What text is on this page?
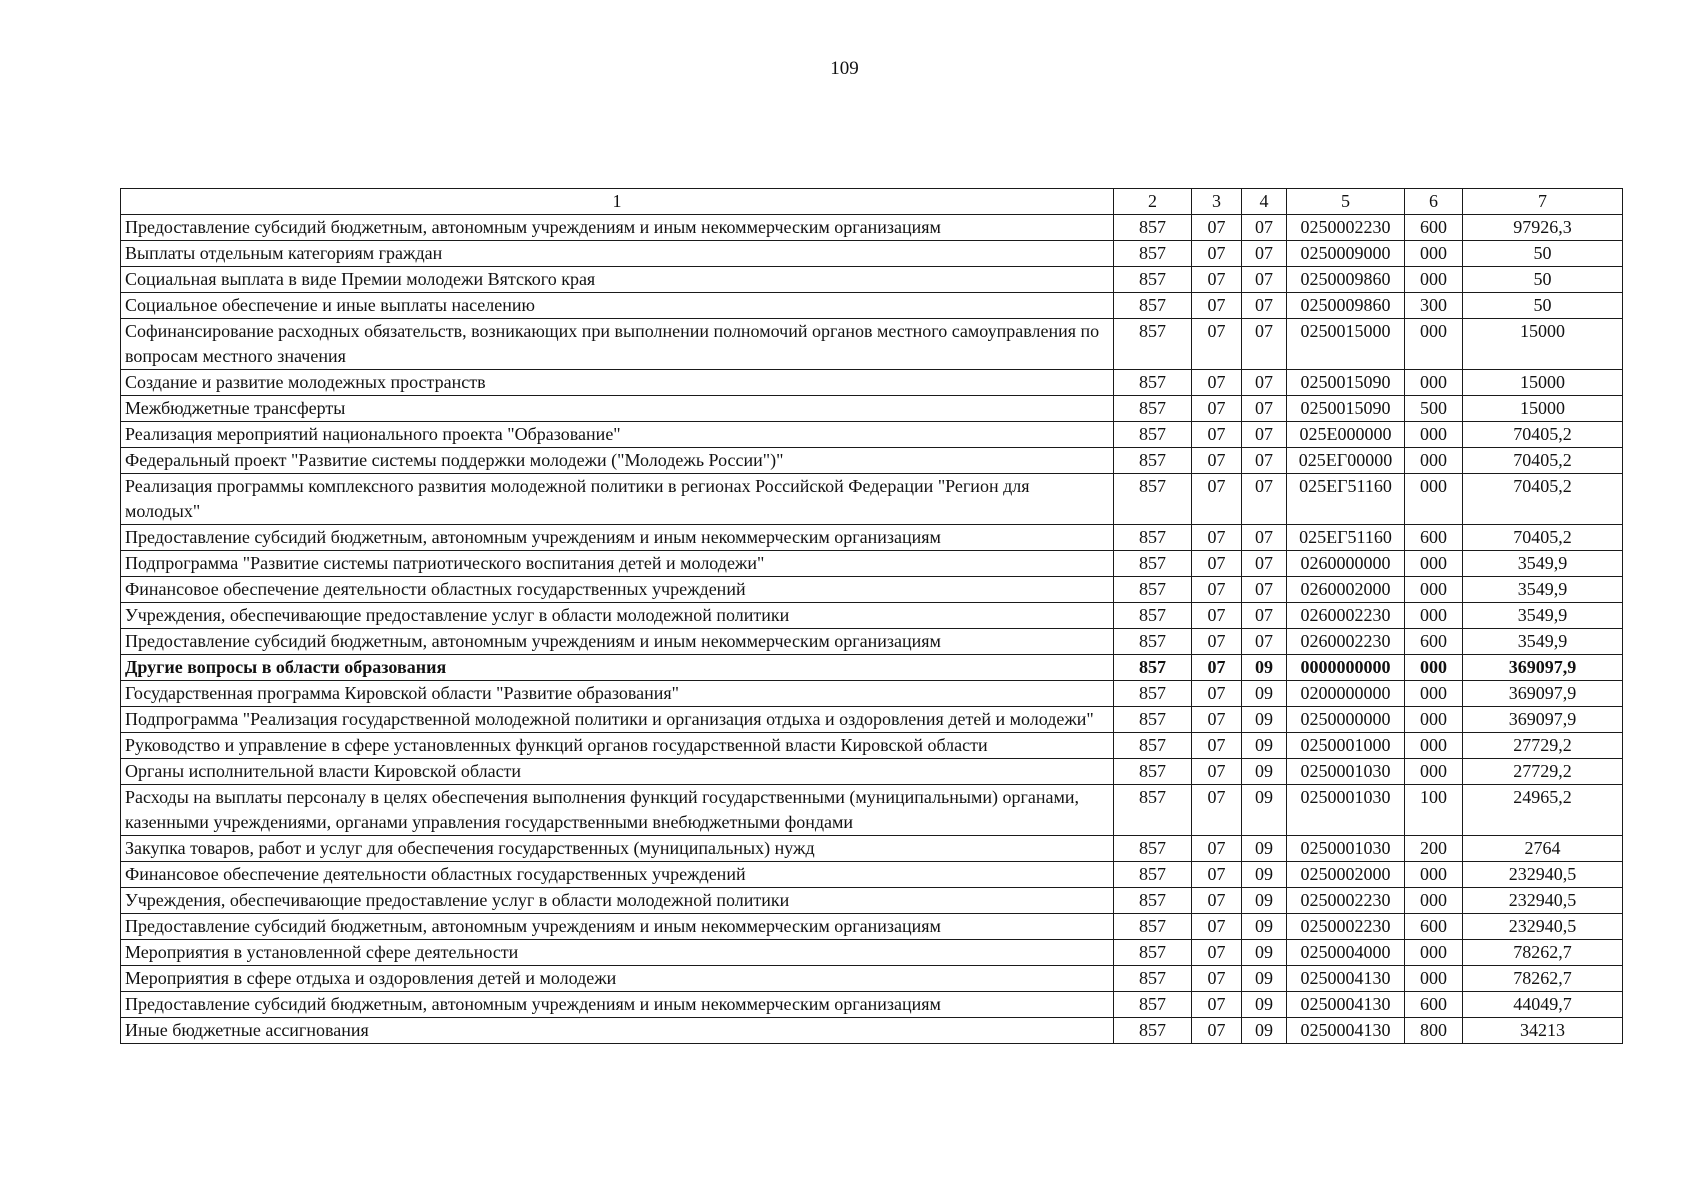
109
1	2	3	4	5	6	7
Предоставление субсидий бюджетным, автономным учреждениям и иным некоммерческим организациям	857	07	07	0250002230	600	97926,3
Выплаты отдельным категориям граждан	857	07	07	0250009000	000	50
Социальная выплата в виде Премии молодежи Вятского края	857	07	07	0250009860	000	50
Социальное обеспечение и иные выплаты населению	857	07	07	0250009860	300	50
Софинансирование расходных обязательств, возникающих при выполнении полномочий органов местного самоуправления по вопросам местного значения	857	07	07	0250015000	000	15000
Создание и развитие молодежных пространств	857	07	07	0250015090	000	15000
Межбюджетные трансферты	857	07	07	0250015090	500	15000
Реализация мероприятий национального проекта "Образование"	857	07	07	025Е000000	000	70405,2
Федеральный проект "Развитие системы поддержки молодежи ("Молодежь России")"	857	07	07	025ЕГ00000	000	70405,2
Реализация программы комплексного развития молодежной политики в регионах Российской Федерации "Регион для молодых"	857	07	07	025ЕГ51160	000	70405,2
Предоставление субсидий бюджетным, автономным учреждениям и иным некоммерческим организациям	857	07	07	025ЕГ51160	600	70405,2
Подпрограмма "Развитие системы патриотического воспитания детей и молодежи"	857	07	07	0260000000	000	3549,9
Финансовое обеспечение деятельности областных государственных учреждений	857	07	07	0260002000	000	3549,9
Учреждения, обеспечивающие предоставление услуг в области молодежной политики	857	07	07	0260002230	000	3549,9
Предоставление субсидий бюджетным, автономным учреждениям и иным некоммерческим организациям	857	07	07	0260002230	600	3549,9
Другие вопросы в области образования	857	07	09	0000000000	000	369097,9
Государственная программа Кировской области "Развитие образования"	857	07	09	0200000000	000	369097,9
Подпрограмма "Реализация государственной молодежной политики и организация отдыха и оздоровления детей и молодежи"	857	07	09	0250000000	000	369097,9
Руководство и управление в сфере установленных функций органов государственной власти Кировской области	857	07	09	0250001000	000	27729,2
Органы исполнительной власти Кировской области	857	07	09	0250001030	000	27729,2
Расходы на выплаты персоналу в целях обеспечения выполнения функций государственными (муниципальными) органами, казенными учреждениями, органами управления государственными внебюджетными фондами	857	07	09	0250001030	100	24965,2
Закупка товаров, работ и услуг для обеспечения государственных (муниципальных) нужд	857	07	09	0250001030	200	2764
Финансовое обеспечение деятельности областных государственных учреждений	857	07	09	0250002000	000	232940,5
Учреждения, обеспечивающие предоставление услуг в области молодежной политики	857	07	09	0250002230	000	232940,5
Предоставление субсидий бюджетным, автономным учреждениям и иным некоммерческим организациям	857	07	09	0250002230	600	232940,5
Мероприятия в установленной сфере деятельности	857	07	09	0250004000	000	78262,7
Мероприятия в сфере отдыха и оздоровления детей и молодежи	857	07	09	0250004130	000	78262,7
Предоставление субсидий бюджетным, автономным учреждениям и иным некоммерческим организациям	857	07	09	0250004130	600	44049,7
Иные бюджетные ассигнования	857	07	09	0250004130	800	34213
